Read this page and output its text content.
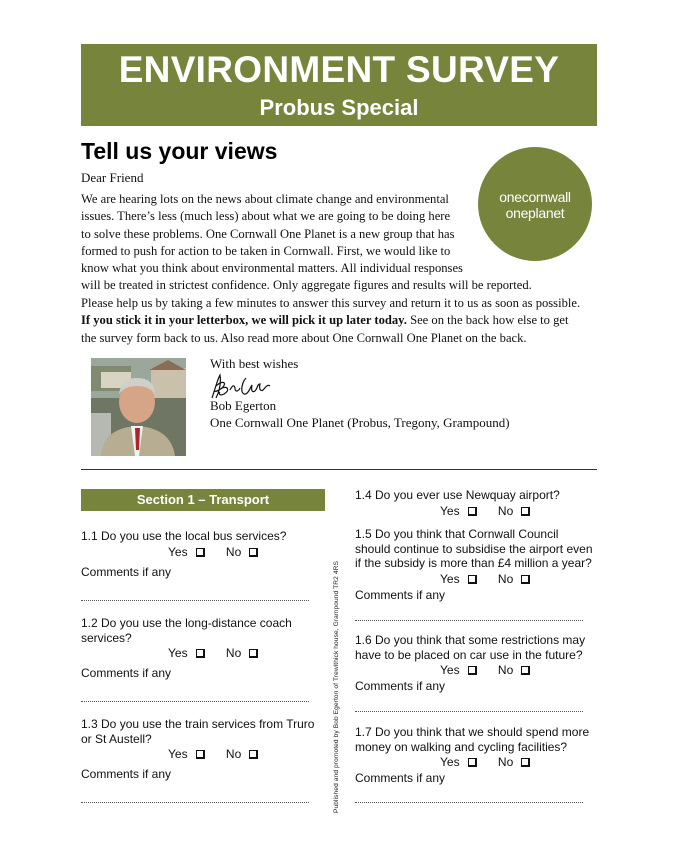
ENVIRONMENT SURVEY
Probus Special
Tell us your views
Dear Friend
We are hearing lots on the news about climate change and environmental
issues. There’s less (much less) about what we are going to be doing here
to solve these problems. One Cornwall One Planet is a new group that has
formed to push for action to be taken in Cornwall. First, we would like to
know what you think about environmental matters. All individual responses
will be treated in strictest confidence. Only aggregate figures and results will be reported.
Please help us by taking a few minutes to answer this survey and return it to us as soon as possible.
If you stick it in your letterbox, we will pick it up later today. See on the back how else to get
the survey form back to us. Also read more about One Cornwall One Planet on the back.
onecornwall
oneplanet
With best wishes
Bob Egerton
One Cornwall One Planet (Probus, Tregony, Grampound)
Section 1 – Transport
Published and promoted by Bob Egerton of Trewithick house, Grampound TR2 4RS
1.1 Do you use the local bus services?
Yes	No
Comments if any
1.2 Do you use the long-distance coach
services?
Yes	No
Comments if any
1.3 Do you use the train services from Truro
or St Austell?
Yes	No
Comments if any
1.4 Do you ever use Newquay airport?
Yes	No
1.5 Do you think that Cornwall Council
should continue to subsidise the airport even
if the subsidy is more than £4 million a year?
Yes	No
Comments if any
1.6 Do you think that some restrictions may
have to be placed on car use in the future?
Yes	No
Comments if any
1.7 Do you think that we should spend more
money on walking and cycling facilities?
Yes	No
Comments if any
